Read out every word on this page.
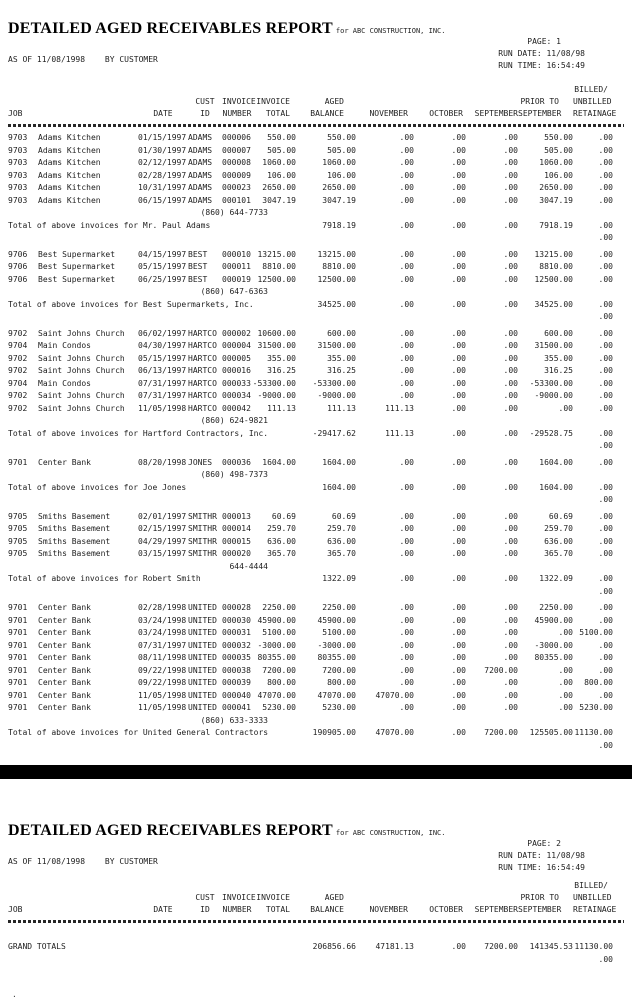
DETAILED AGED RECEIVABLES REPORT for ABC CONSTRUCTION, INC.
PAGE: 1
RUN DATE: 11/08/98
RUN TIME: 16:54:49
AS OF 11/08/1998 BY CUSTOMER
BILLED/
CUST INVOICE INVOICE	AGED	PRIOR TO	UNBILLED
JOB	DATE	ID	NUMBER	TOTAL	BALANCE	NOVEMBER	OCTOBER	SEPTEMBER SEPTEMBER	RETAINAGE
9703	Adams Kitchen	01/15/1997 ADAMS	000006	550.00	550.00	.00	.00	.00	550.00	.00
9703	Adams Kitchen	01/30/1997 ADAMS	000007	505.00	505.00	.00	.00	.00	505.00	.00
9703	Adams Kitchen	02/12/1997 ADAMS	000008	1060.00	1060.00	.00	.00	.00	1060.00	.00
9703	Adams Kitchen	02/28/1997 ADAMS	000009	106.00	106.00	.00	.00	.00	106.00	.00
9703	Adams Kitchen	10/31/1997 ADAMS	000023	2650.00	2650.00	.00	.00	.00	2650.00	.00
9703	Adams Kitchen	06/15/1997 ADAMS	000101	3047.19	3047.19	.00	.00	.00	3047.19	.00
(860) 644-7733
Total of above invoices for Mr. Paul Adams	7918.19	.00	.00	.00	7918.19	.00
.00
9706	Best Supermarket	04/15/1997 BEST	000010 13215.00	13215.00	.00	.00	.00	13215.00	.00
9706	Best Supermarket	05/15/1997 BEST	000011	8810.00	8810.00	.00	.00	.00	8810.00	.00
9706	Best Supermarket	06/25/1997 BEST	000019 12500.00	12500.00	.00	.00	.00	12500.00	.00
(860) 647-6363
Total of above invoices for Best Supermarkets, Inc.	34525.00	.00	.00	.00	34525.00	.00
.00
9702	Saint Johns Church	06/02/1997 HARTCO 000002 10600.00	600.00	.00	.00	.00	600.00	.00
9704	Main Condos	04/30/1997 HARTCO 000004 31500.00	31500.00	.00	.00	.00	31500.00	.00
9702	Saint Johns Church	05/15/1997 HARTCO 000005	355.00	355.00	.00	.00	.00	355.00	.00
9702	Saint Johns Church	06/13/1997 HARTCO 000016	316.25	316.25	.00	.00	.00	316.25	.00
9704	Main Condos	07/31/1997 HARTCO 000033 -53300.00	-53300.00	.00	.00	.00	-53300.00	.00
9702	Saint Johns Church	07/31/1997 HARTCO 000034 -9000.00	-9000.00	.00	.00	.00	-9000.00	.00
9702	Saint Johns Church	11/05/1998 HARTCO 000042	111.13	111.13	111.13	.00	.00	.00	.00
(860) 624-9821
Total of above invoices for Hartford Contractors, Inc.	-29417.62	111.13	.00	.00	-29528.75	.00
.00
9701	Center Bank	08/20/1998 JONES	000036	1604.00	1604.00	.00	.00	.00	1604.00	.00
(860) 498-7373
Total of above invoices for Joe Jones	1604.00	.00	.00	.00	1604.00	.00
.00
9705	Smiths Basement	02/01/1997 SMITHR 000013	60.69	60.69	.00	.00	.00	60.69	.00
9705	Smiths Basement	02/15/1997 SMITHR 000014	259.70	259.70	.00	.00	.00	259.70	.00
9705	Smiths Basement	04/29/1997 SMITHR 000015	636.00	636.00	.00	.00	.00	636.00	.00
9705	Smiths Basement	03/15/1997 SMITHR 000020	365.70	365.70	.00	.00	.00	365.70	.00
644-4444
Total of above invoices for Robert Smith	1322.09	.00	.00	.00	1322.09	.00
.00
9701	Center Bank	02/28/1998 UNITED 000028	2250.00	2250.00	.00	.00	.00	2250.00	.00
9701	Center Bank	03/24/1998 UNITED 000030 45900.00	45900.00	.00	.00	.00	45900.00	.00
9701	Center Bank	03/24/1998 UNITED 000031	5100.00	5100.00	.00	.00	.00	.00 5100.00
9701	Center Bank	07/31/1997 UNITED 000032 -3000.00	-3000.00	.00	.00	.00	-3000.00	.00
9701	Center Bank	08/11/1998 UNITED 000035 80355.00	80355.00	.00	.00	.00	80355.00	.00
9701	Center Bank	09/22/1998 UNITED 000038	7200.00	7200.00	.00	.00	7200.00	.00	.00
9701	Center Bank	09/22/1998 UNITED 000039	800.00	800.00	.00	.00	.00	.00	800.00
9701	Center Bank	11/05/1998 UNITED 000040 47070.00	47070.00	47070.00	.00	.00	.00	.00
9701	Center Bank	11/05/1998 UNITED 000041	5230.00	5230.00	.00	.00	.00	.00 5230.00
(860) 633-3333
Total of above invoices for United General Contractors	190905.00	47070.00	.00	7200.00	125505.00 11130.00
.00
DETAILED AGED RECEIVABLES REPORT for ABC CONSTRUCTION, INC.
PAGE: 2
RUN DATE: 11/08/98
RUN TIME: 16:54:49
AS OF 11/08/1998 BY CUSTOMER
BILLED/
CUST INVOICE INVOICE	AGED	PRIOR TO	UNBILLED
JOB	DATE	ID	NUMBER	TOTAL	BALANCE	NOVEMBER	OCTOBER	SEPTEMBER SEPTEMBER	RETAINAGE
GRAND TOTALS	206856.66	47181.13	.00	7200.00	141345.53 11130.00
.00
.
